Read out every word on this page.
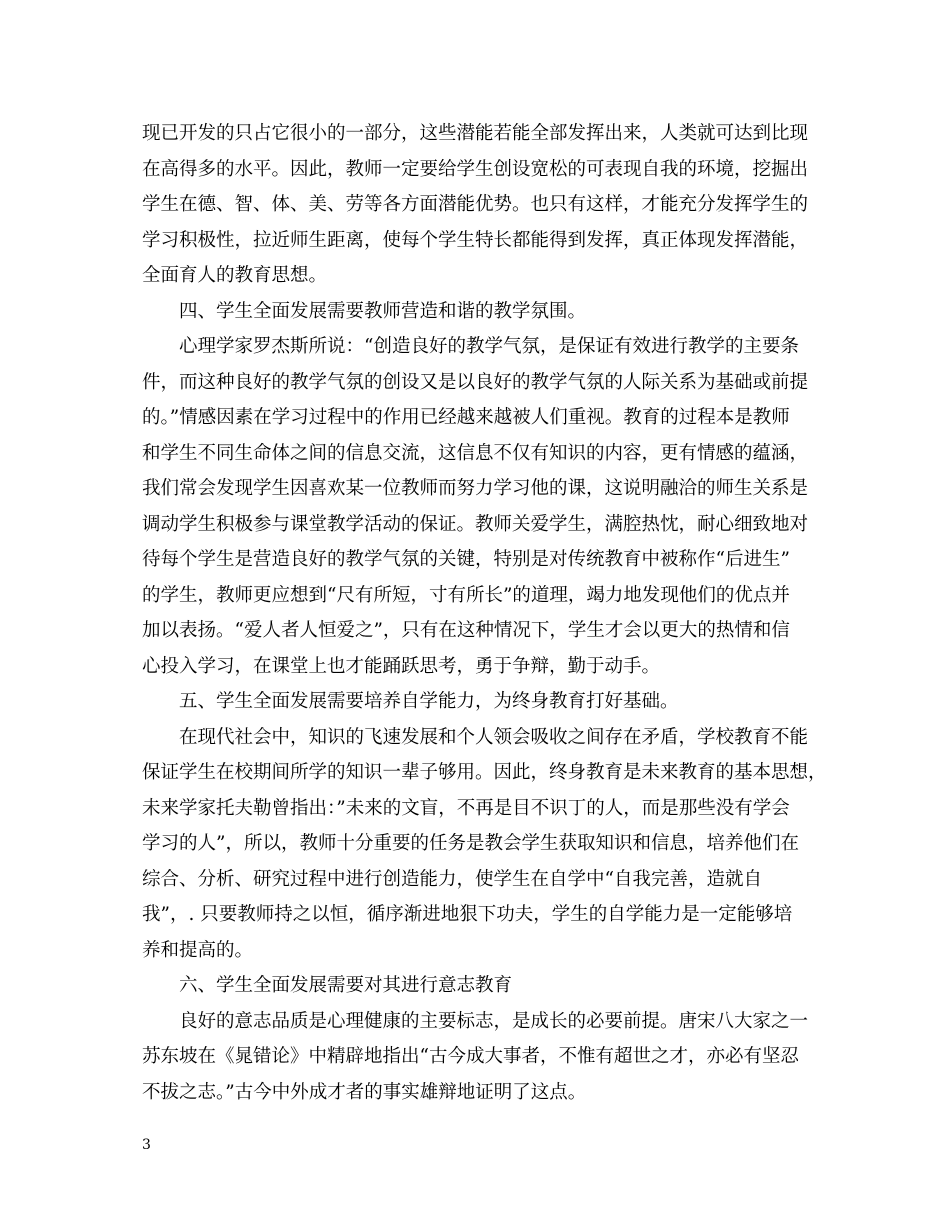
现已开发的只占它很小的一部分，这些潜能若能全部发挥出来，人类就可达到比现
在高得多的水平。因此，教师一定要给学生创设宽松的可表现自我的环境，挖掘出
学生在德、智、体、美、劳等各方面潜能优势。也只有这样，才能充分发挥学生的
学习积极性，拉近师生距离，使每个学生特长都能得到发挥，真正体现发挥潜能，
全面育人的教育思想。
四、学生全面发展需要教师营造和谐的教学氛围。
心理学家罗杰斯所说：“创造良好的教学气氛，是保证有效进行教学的主要条
件，而这种良好的教学气氛的创设又是以良好的教学气氛的人际关系为基础或前提
的。”情感因素在学习过程中的作用已经越来越被人们重视。教育的过程本是教师
和学生不同生命体之间的信息交流，这信息不仅有知识的内容，更有情感的蕴涵，
我们常会发现学生因喜欢某一位教师而努力学习他的课，这说明融洽的师生关系是
调动学生积极参与课堂教学活动的保证。教师关爱学生，满腔热忱，耐心细致地对
待每个学生是营造良好的教学气氛的关键，特别是对传统教育中被称作“后进生”
的学生，教师更应想到“尺有所短，寸有所长”的道理，竭力地发现他们的优点并
加以表扬。“爱人者人恒爱之”，只有在这种情况下，学生才会以更大的热情和信
心投入学习，在课堂上也才能踊跃思考，勇于争辩，勤于动手。
五、学生全面发展需要培养自学能力，为终身教育打好基础。
在现代社会中，知识的飞速发展和个人领会吸收之间存在矛盾，学校教育不能
保证学生在校期间所学的知识一辈子够用。因此，终身教育是未来教育的基本思想，
未来学家托夫勒曾指出：”未来的文盲，不再是目不识丁的人，而是那些没有学会
学习的人”，所以，教师十分重要的任务是教会学生获取知识和信息，培养他们在
综合、分析、研究过程中进行创造能力，使学生在自学中“自我完善，造就自
我”，. 只要教师持之以恒，循序渐进地狠下功夫，学生的自学能力是一定能够培
养和提高的。
六、学生全面发展需要对其进行意志教育
良好的意志品质是心理健康的主要标志，是成长的必要前提。唐宋八大家之一
苏东坡在《晁错论》中精辟地指出“古今成大事者，不惟有超世之才，亦必有坚忍
不拔之志。”古今中外成才者的事实雄辩地证明了这点。
3
